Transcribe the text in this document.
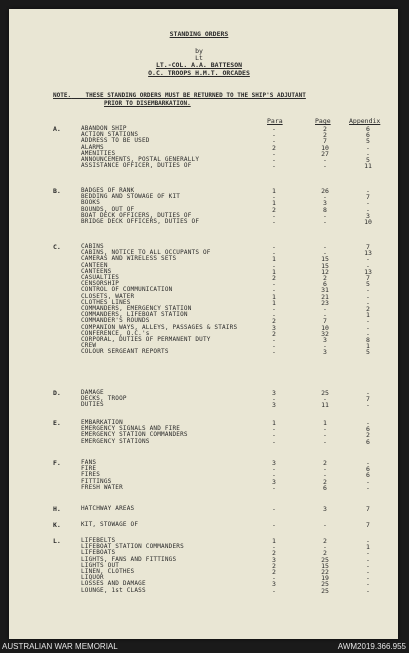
STANDING ORDERS
by
Lt
LT.-COL. A.A. BATTESON
O.C. TROOPS H.M.T. ORCADES
NOTE. THESE STANDING ORDERS MUST BE RETURNED TO THE SHIP'S ADJUTANT
PRIOR TO DISEMBARKATION.
Para	Page	Appendix
A.	ABANDON SHIP	-	2	6
ACTION STATIONS	-	2	6
ADDRESS TO BE USED	-	7	5
ALARMS	2	10	-
AMENITIES	-	27	-
ANNOUNCEMENTS, POSTAL GENERALLY	-	-	5
ASSISTANCE OFFICER, DUTIES OF	-	-	11
B.	BADGES OF RANK	1	26	-
BEDDING AND STOWAGE OF KIT	-	-	7
BOOKS	1	3	-
BOUNDS, OUT OF	2	8	-
BOAT DECK OFFICERS, DUTIES OF	-	-	3
BRIDGE DECK OFFICERS, DUTIES OF	-	-	10
C.	CABINS	-	-	7
CABINS, NOTICE TO ALL OCCUPANTS OF	-	-	13
CAMERAS AND WIRELESS SETS	1	15	-
CANTEEN	-	15	-
CANTEENS	1	12	13
CASUALTIES	2	2	7
CENSORSHIP	-	6	5
CONTROL OF COMMUNICATION	-	31	-
CLOSETS, WATER	1	21	-
CLOTHES LINES	1	23	-
COMMANDERS, EMERGENCY STATION	-	-	2
COMMANDERS, LIFEBOAT STATION	-	-	1
COMMANDER'S ROUNDS	2	7	-
COMPANION WAYS, ALLEYS, PASSAGES & STAIRS	3	10	-
CONFERENCE, O.C.'s	2	32	-
CORPORAL, DUTIES OF PERMANENT DUTY	-	3	8
CREW	-	-	1
COLOUR SERGEANT REPORTS	-	3	5
D.	DAMAGE	3	25	-
DECKS, TROOP	-	-	7
DUTIES	3	11	-
E.	EMBARKATION	1	1	-
EMERGENCY SIGNALS AND FIRE	-	-	6
EMERGENCY STATION COMMANDERS	-	-	2
EMERGENCY STATIONS	-	-	6
F.	FANS	3	2	-
FIRE	-	-	6
FIRES	-	-	6
FITTINGS	3	2	-
FRESH WATER	-	6	-
H.	HATCHWAY AREAS	-	3	7
K.	KIT, STOWAGE OF	-	-	7
L.	LIFEBELTS	1	2	-
LIFEBOAT STATION COMMANDERS	-	-	1
LIFEBOATS	2	2	-
LIGHTS, FANS AND FITTINGS	3	25	-
LIGHTS OUT	2	15	-
LINEN, CLOTHES	2	22	-
LIQUOR	-	19	-
LOSSES AND DAMAGE	3	25	-
LOUNGE, 1st CLASS	-	25	-
AUSTRALIAN WAR MEMORIAL	AWM2019.366.955
